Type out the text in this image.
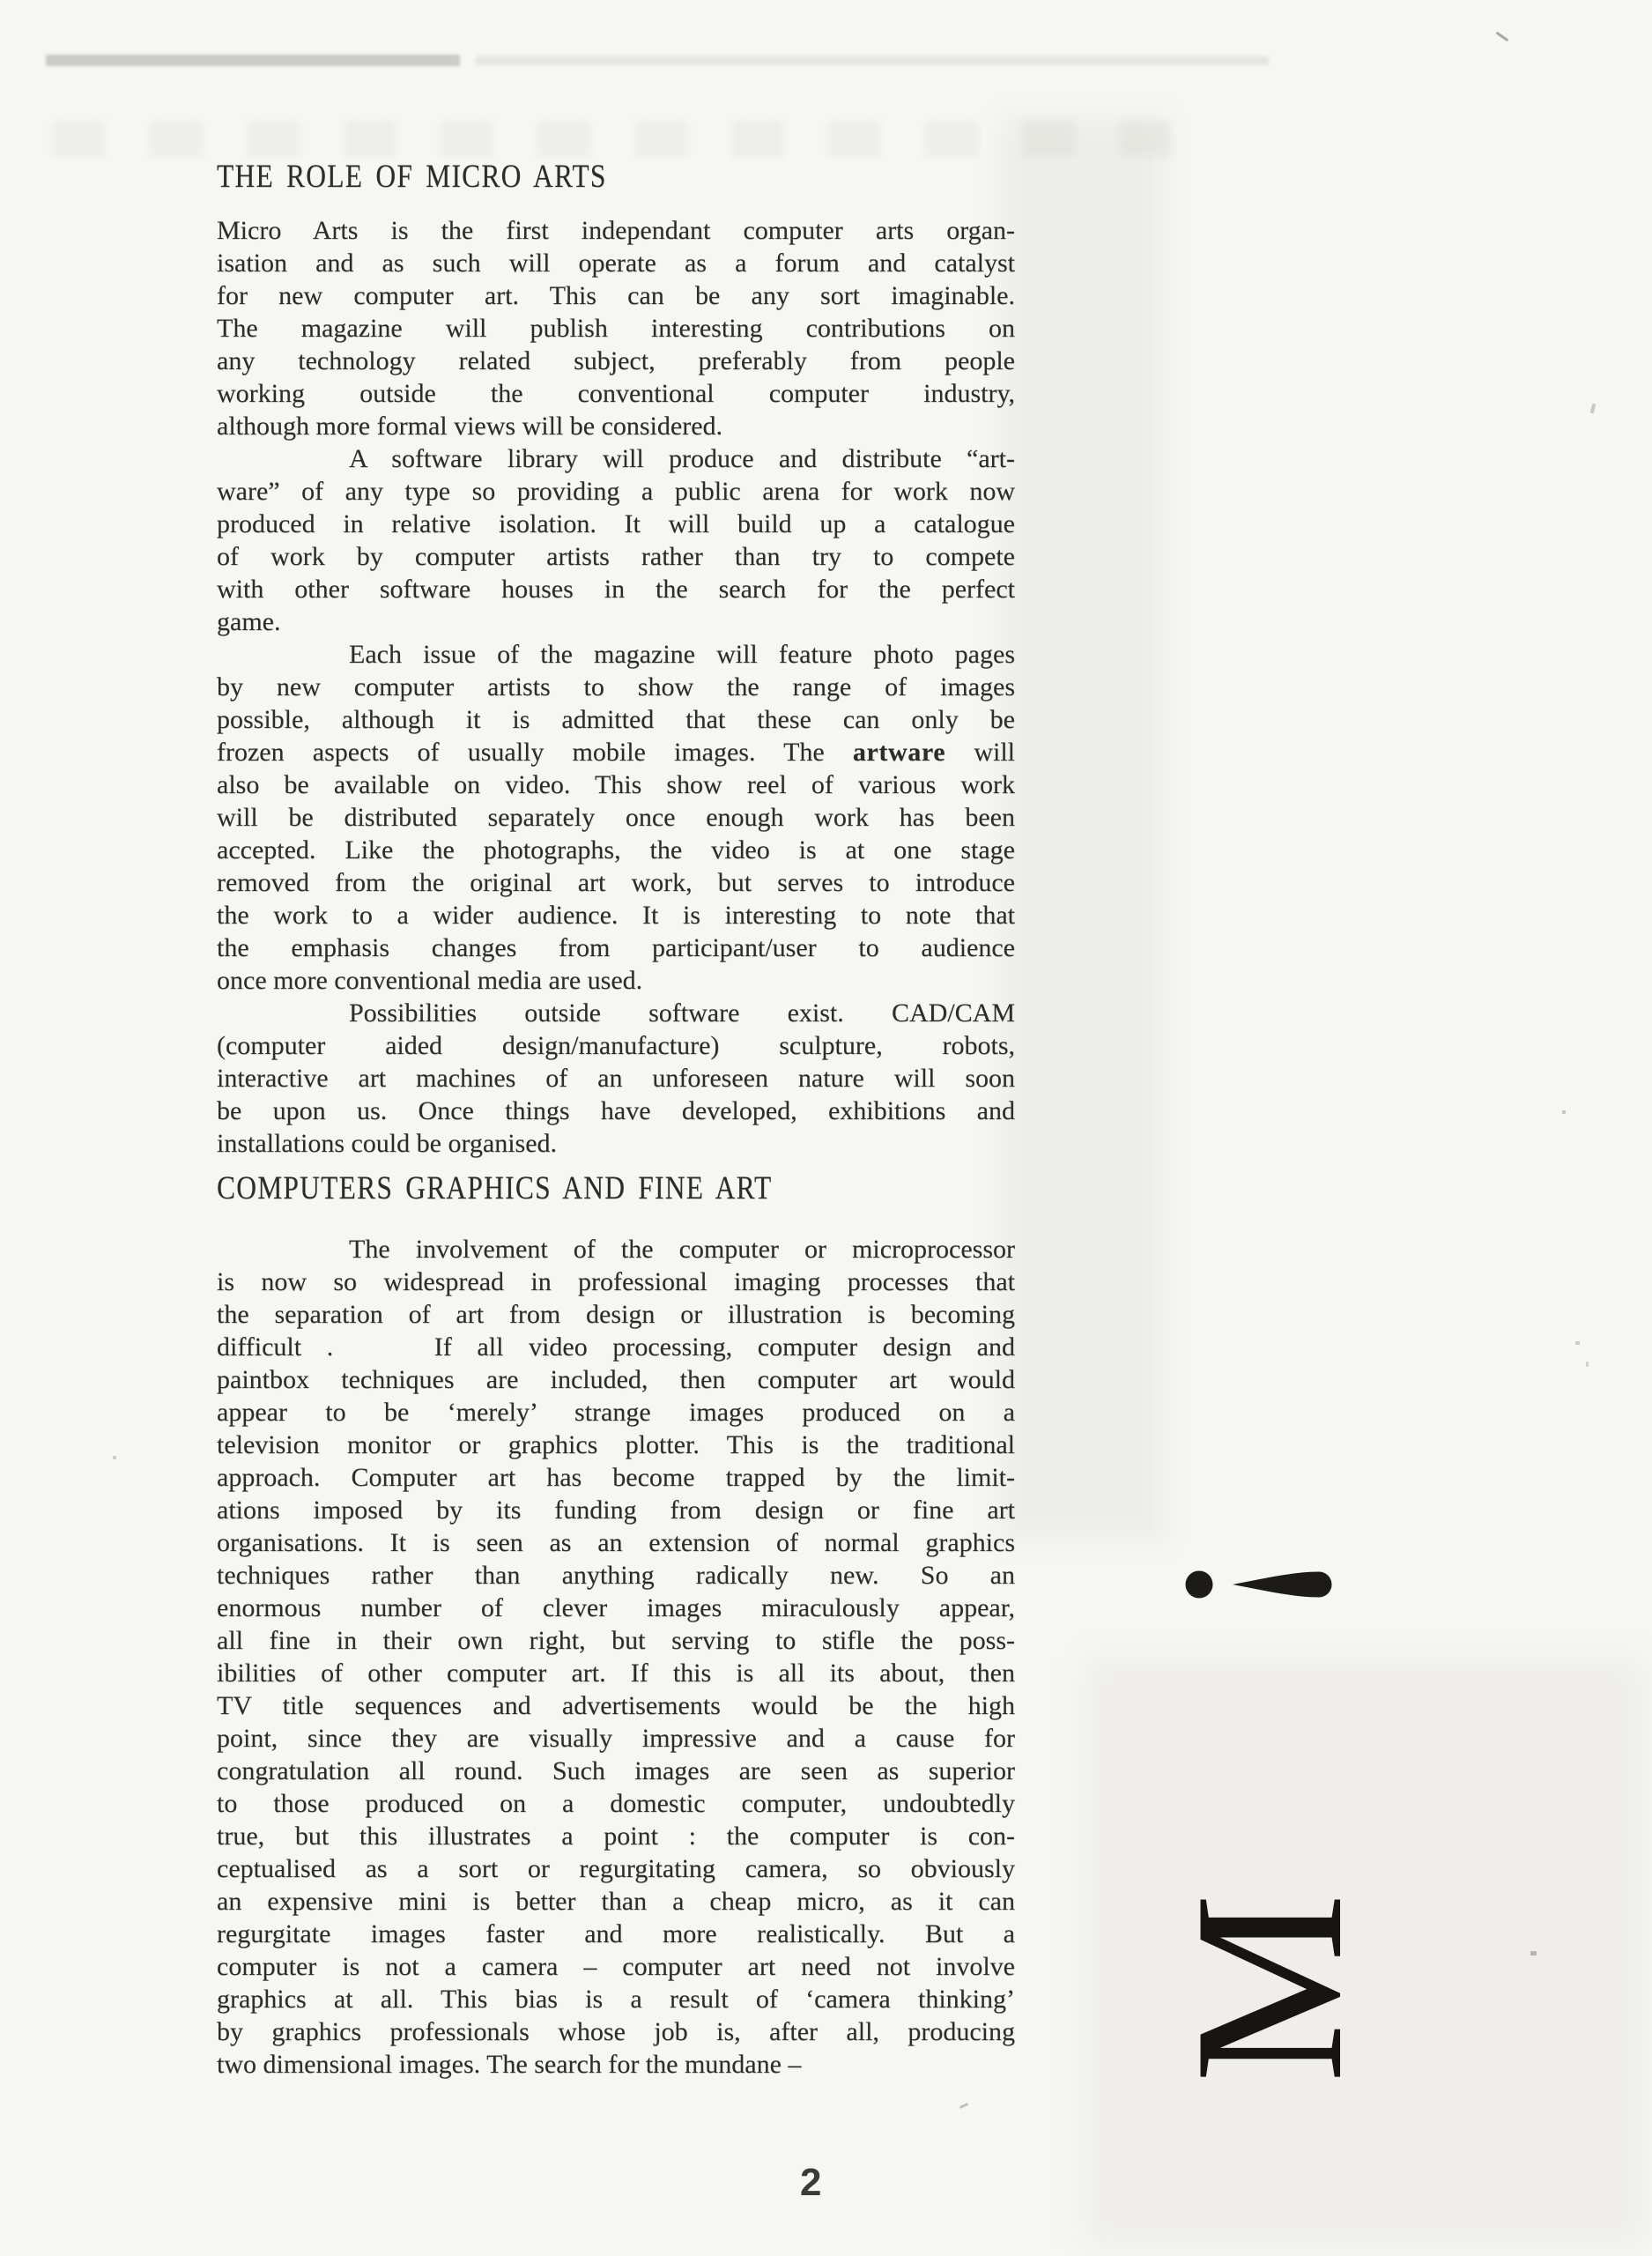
THE ROLE OF MICRO ARTS
Micro Arts is the first independant computer arts organ-
isation and as such will operate as a forum and catalyst
for new computer art. This can be any sort imaginable.
The magazine will publish interesting contributions on
any technology related subject, preferably from people
working outside the conventional computer industry,
although more formal views will be considered.
A software library will produce and distribute “art-
ware” of any type so providing a public arena for work now
produced in relative isolation. It will build up a catalogue
of work by computer artists rather than try to compete
with other software houses in the search for the perfect
game.
Each issue of the magazine will feature photo pages
by new computer artists to show the range of images
possible, although it is admitted that these can only be
frozen aspects of usually mobile images. The artware will
also be available on video. This show reel of various work
will be distributed separately once enough work has been
accepted. Like the photographs, the video is at one stage
removed from the original art work, but serves to introduce
the work to a wider audience. It is interesting to note that
the emphasis changes from participant/user to audience
once more conventional media are used.
Possibilities outside software exist. CAD/CAM
(computer aided design/manufacture) sculpture, robots,
interactive art machines of an unforeseen nature will soon
be upon us. Once things have developed, exhibitions and
installations could be organised.
COMPUTERS GRAPHICS AND FINE ART
The involvement of the computer or microprocessor
is now so widespread in professional imaging processes that
the separation of art from design or illustration is becoming
difficult .    If all video processing, computer design and
paintbox techniques are included, then computer art would
appear to be ‘merely’ strange images produced on a
television monitor or graphics plotter. This is the traditional
approach. Computer art has become trapped by the limit-
ations imposed by its funding from design or fine art
organisations. It is seen as an extension of normal graphics
techniques rather than anything radically new. So an
enormous number of clever images miraculously appear,
all fine in their own right, but serving to stifle the poss-
ibilities of other computer art. If this is all its about, then
TV title sequences and advertisements would be the high
point, since they are visually impressive and a cause for
congratulation all round. Such images are seen as superior
to those produced on a domestic computer, undoubtedly
true, but this illustrates a point : the computer is con-
ceptualised as a sort or regurgitating camera, so obviously
an expensive mini is better than a cheap micro, as it can
regurgitate images faster and more realistically. But a
computer is not a camera – computer art need not involve
graphics at all. This bias is a result of ‘camera thinking’
by graphics professionals whose job is, after all, producing
two dimensional images. The search for the mundane –	M
2
